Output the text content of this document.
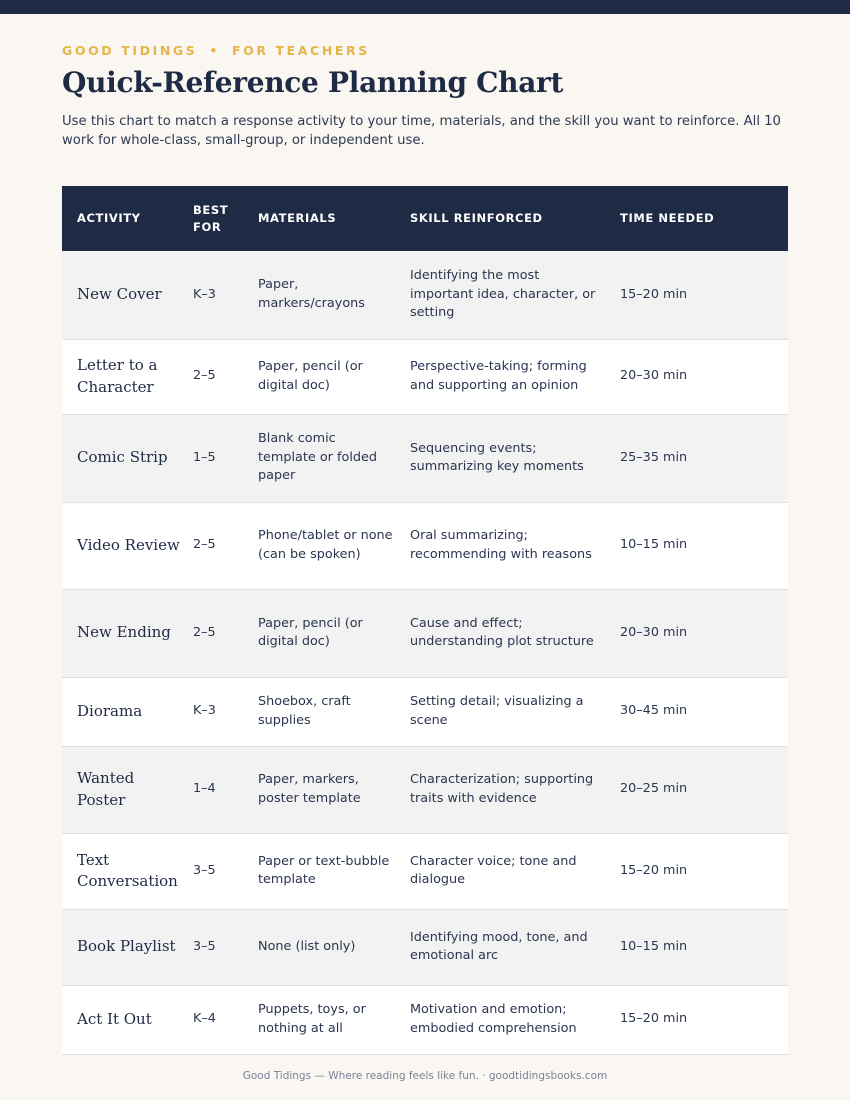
GOOD TIDINGS • FOR TEACHERS
Quick-Reference Planning Chart

Use this chart to match a response activity to your time, materials, and the skill you want to reinforce. All 10 work for whole-class, small-group, or independent use.

ACTIVITY	BEST FOR	MATERIALS	SKILL REINFORCED	TIME NEEDED
New Cover	K–3	Paper, markers/crayons	Identifying the most important idea, character, or setting	15–20 min
Letter to a Character	2–5	Paper, pencil (or digital doc)	Perspective-taking; forming and supporting an opinion	20–30 min
Comic Strip	1–5	Blank comic template or folded paper	Sequencing events; summarizing key moments	25–35 min
Video Review	2–5	Phone/tablet or none (can be spoken)	Oral summarizing; recommending with reasons	10–15 min
New Ending	2–5	Paper, pencil (or digital doc)	Cause and effect; understanding plot structure	20–30 min
Diorama	K–3	Shoebox, craft supplies	Setting detail; visualizing a scene	30–45 min
Wanted Poster	1–4	Paper, markers, poster template	Characterization; supporting traits with evidence	20–25 min
Text Conversation	3–5	Paper or text-bubble template	Character voice; tone and dialogue	15–20 min
Book Playlist	3–5	None (list only)	Identifying mood, tone, and emotional arc	10–15 min
Act It Out	K–4	Puppets, toys, or nothing at all	Motivation and emotion; embodied comprehension	15–20 min
Good Tidings — Where reading feels like fun. · goodtidingsbooks.com
